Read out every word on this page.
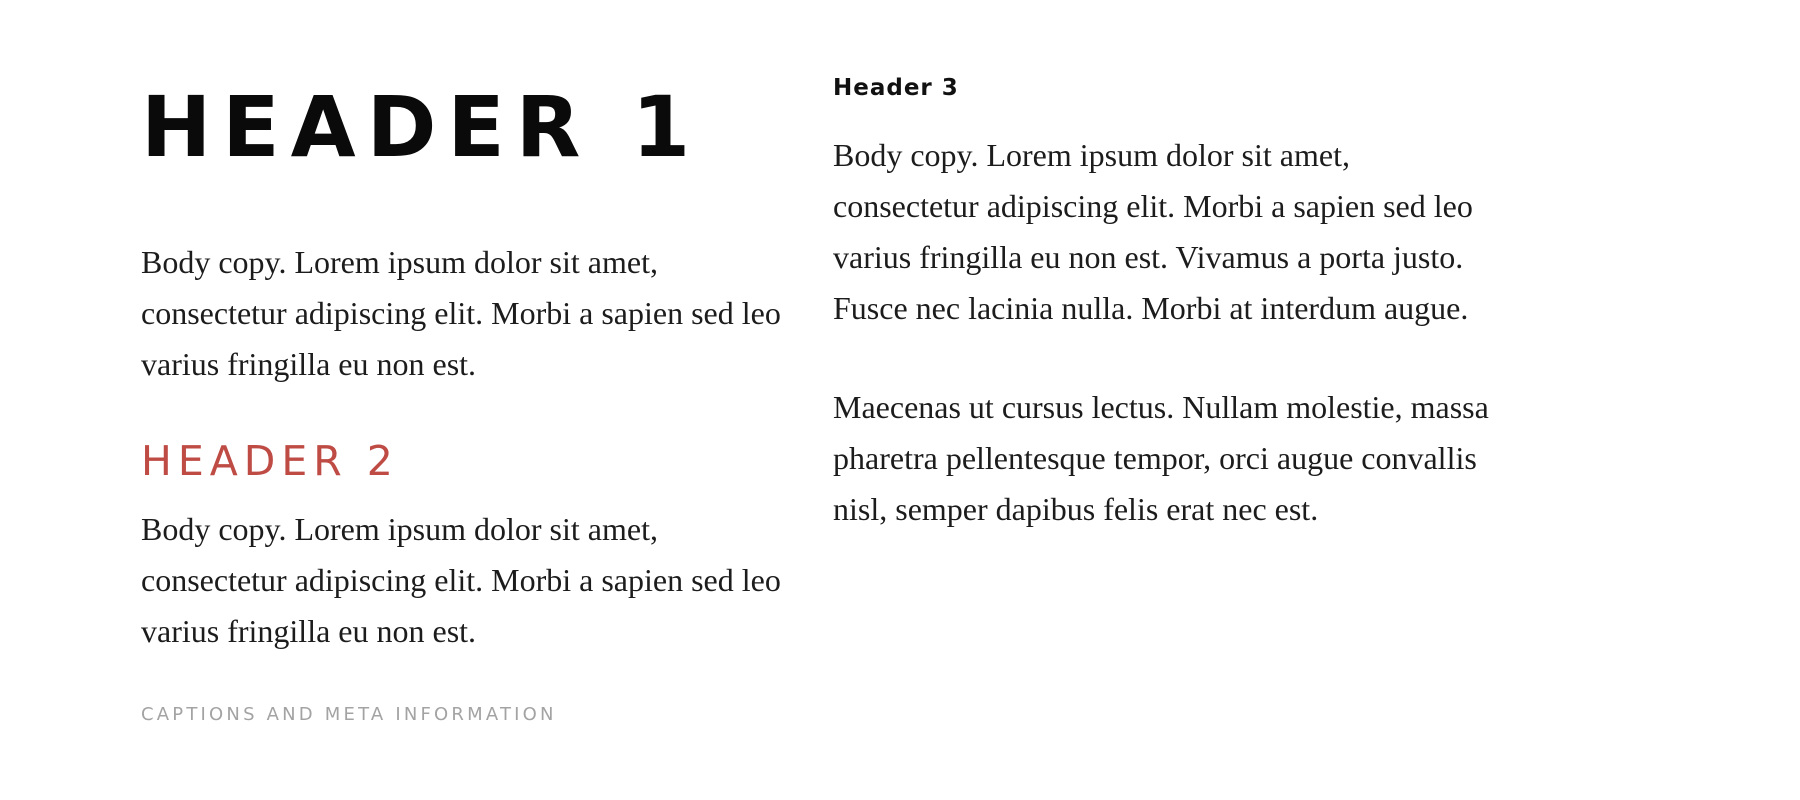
HEADER 1

Body copy. Lorem ipsum dolor sit amet, consectetur adipiscing elit. Morbi a sapien sed leo varius fringilla eu non est.

HEADER 2

Body copy. Lorem ipsum dolor sit amet, consectetur adipiscing elit. Morbi a sapien sed leo varius fringilla eu non est.

CAPTIONS AND META INFORMATION
Header 3

Body copy. Lorem ipsum dolor sit amet, consectetur adipiscing elit. Morbi a sapien sed leo varius fringilla eu non est. Vivamus a porta justo. Fusce nec lacinia nulla. Morbi at interdum augue.

Maecenas ut cursus lectus. Nullam molestie, massa pharetra pellentesque tempor, orci augue convallis nisl, semper dapibus felis erat nec est.
